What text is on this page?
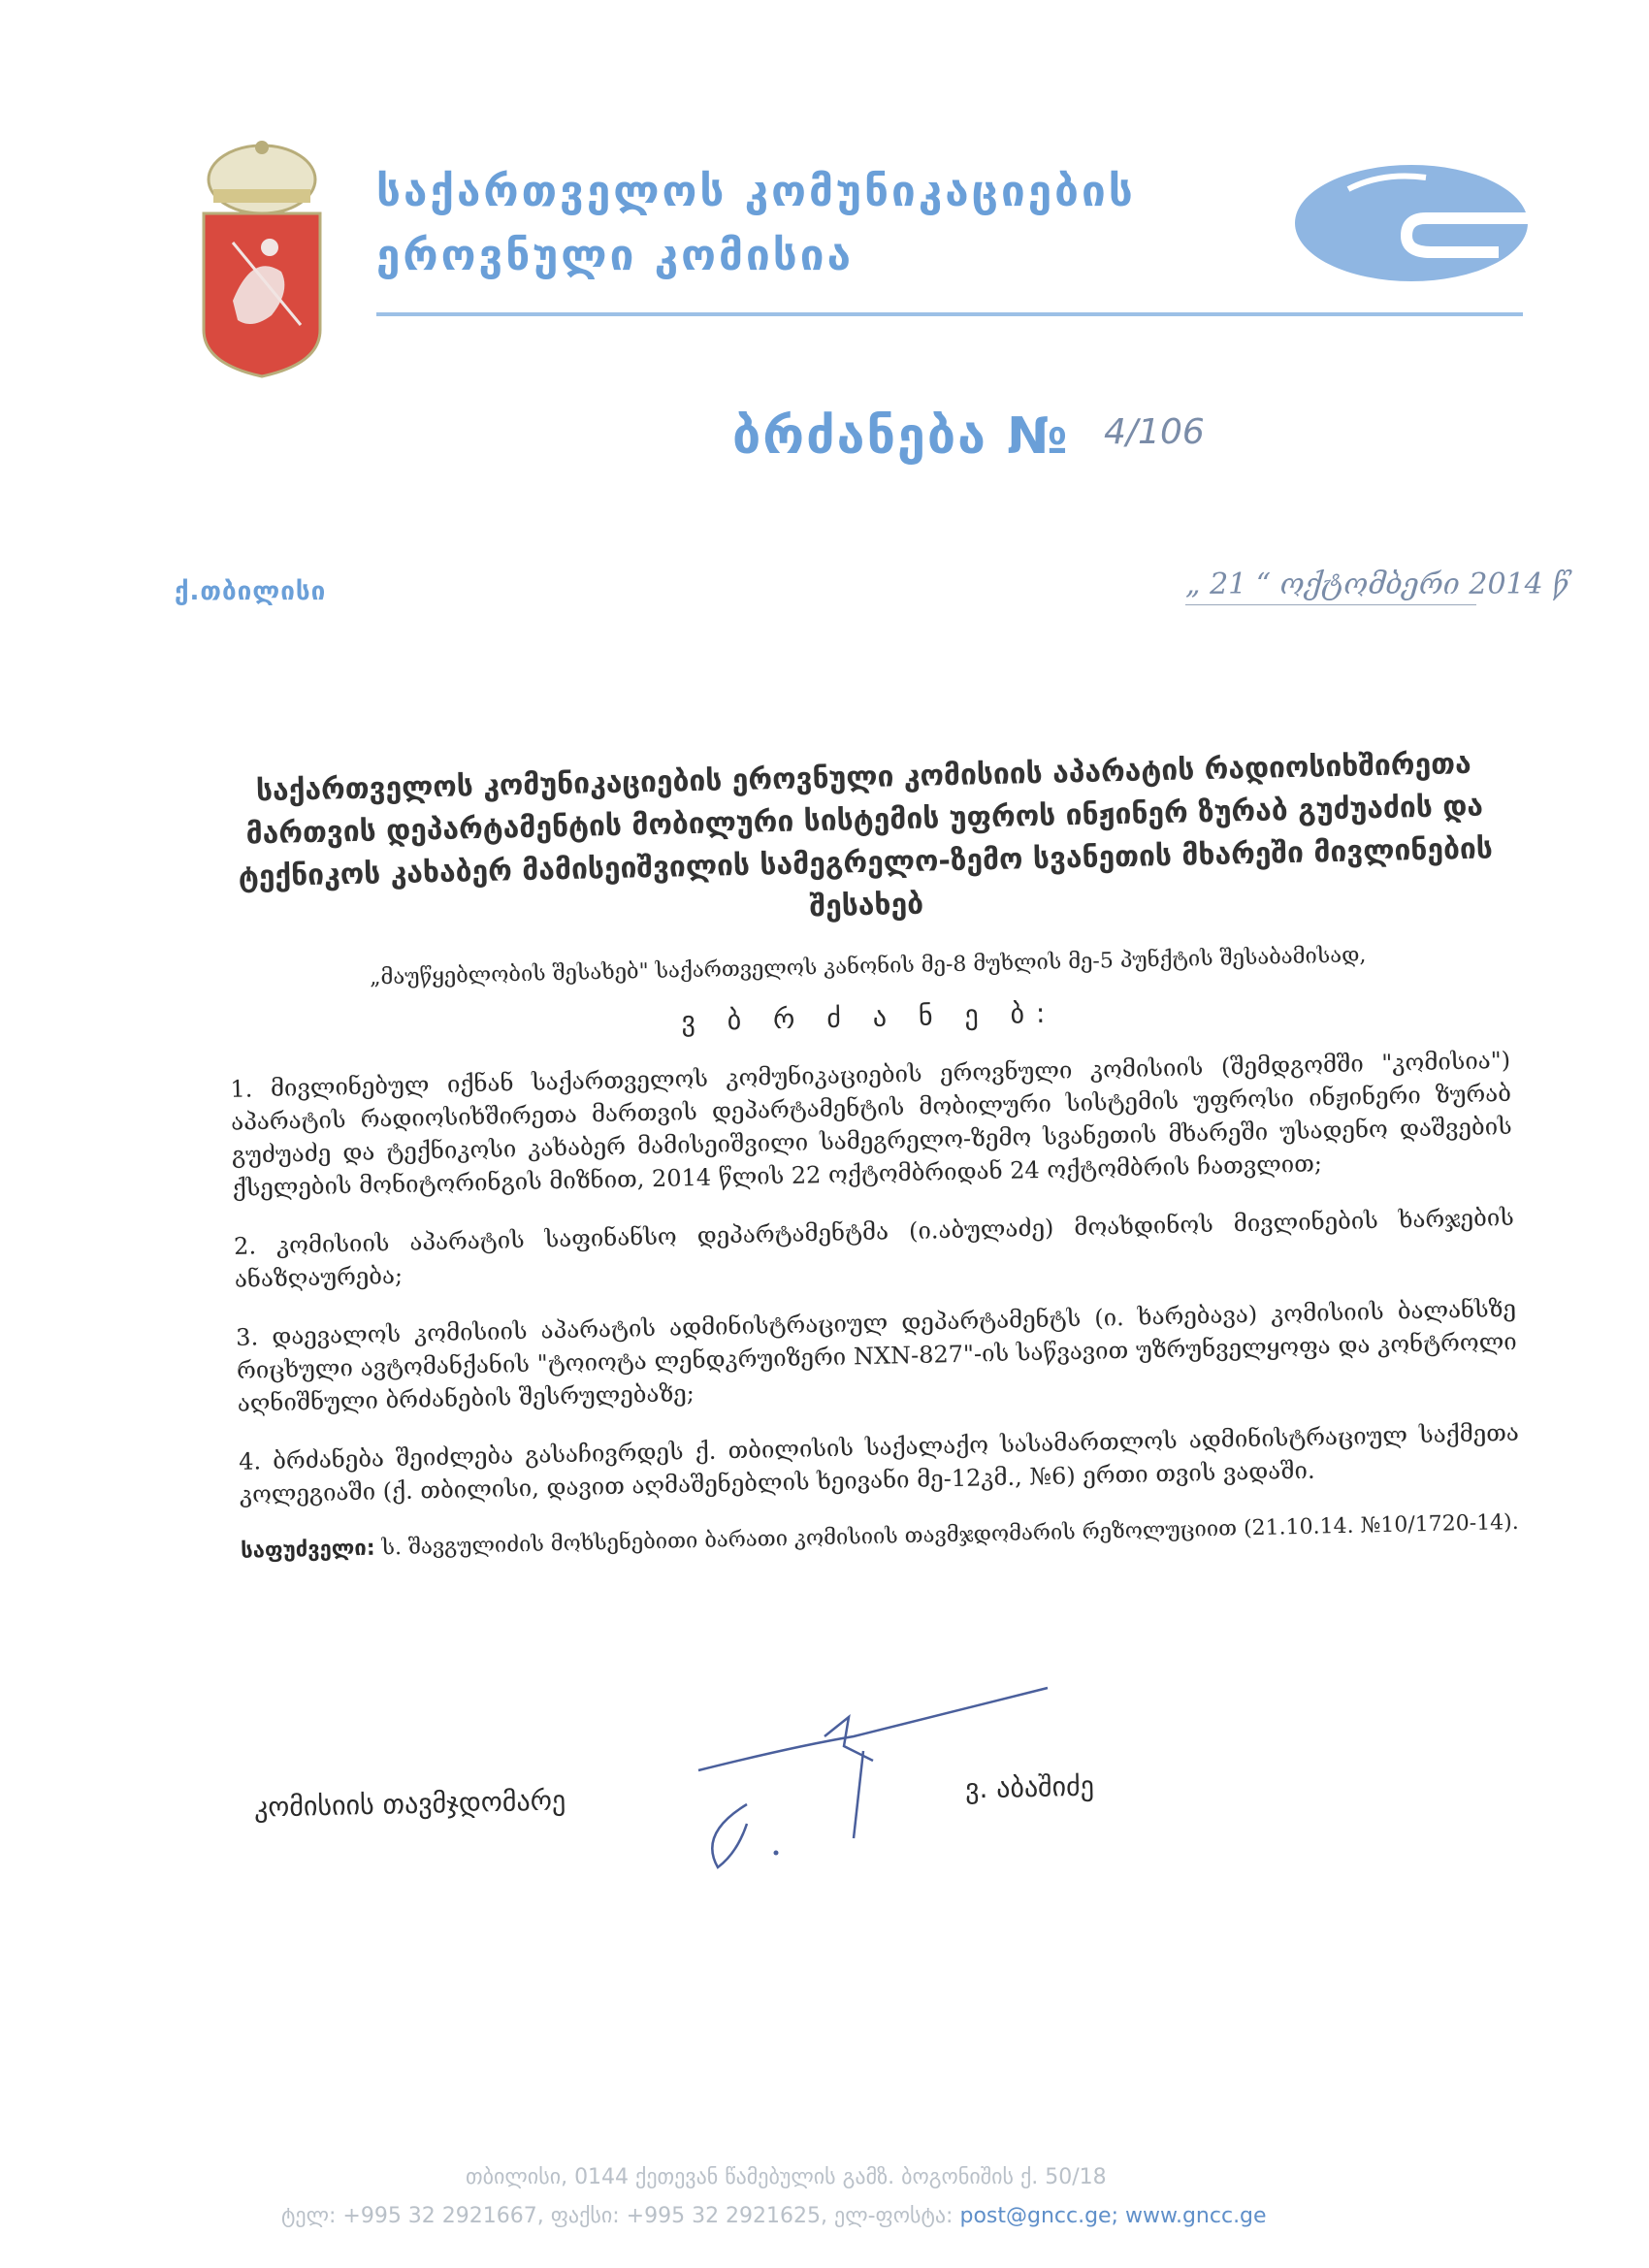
საქართველოს კომუნიკაციების
ეროვნული კომისია
ბრძანება № 4/106
ქ.თბილისი	„ 21 “ ოქტომბერი 2014 წ
საქართველოს კომუნიკაციების ეროვნული კომისიის აპარატის რადიოსიხშირეთა მართვის დეპარტამენტის მობილური სისტემის უფროს ინჟინერ ზურაბ გუძუაძის და ტექნიკოს კახაბერ მამისეიშვილის სამეგრელო-ზემო სვანეთის მხარეში მივლინების შესახებ
„მაუწყებლობის შესახებ" საქართველოს კანონის მე-8 მუხლის მე-5 პუნქტის შესაბამისად,
ვ ბ რ ძ ა ნ ე ბ:
1. მივლინებულ იქნან საქართველოს კომუნიკაციების ეროვნული კომისიის (შემდგომში "კომისია") აპარატის რადიოსიხშირეთა მართვის დეპარტამენტის მობილური სისტემის უფროსი ინჟინერი ზურაბ გუძუაძე და ტექნიკოსი კახაბერ მამისეიშვილი სამეგრელო-ზემო სვანეთის მხარეში უსადენო დაშვების ქსელების მონიტორინგის მიზნით, 2014 წლის 22 ოქტომბრიდან 24 ოქტომბრის ჩათვლით;
2. კომისიის აპარატის საფინანსო დეპარტამენტმა (ი.აბულაძე) მოახდინოს მივლინების ხარჯების ანაზღაურება;
3. დაევალოს კომისიის აპარატის ადმინისტრაციულ დეპარტამენტს (ი. ხარებავა) კომისიის ბალანსზე რიცხული ავტომანქანის "ტოიოტა ლენდკრუიზერი NXN-827"-ის საწვავით უზრუნველყოფა და კონტროლი აღნიშნული ბრძანების შესრულებაზე;
4. ბრძანება შეიძლება გასაჩივრდეს ქ. თბილისის საქალაქო სასამართლოს ადმინისტრაციულ საქმეთა კოლეგიაში (ქ. თბილისი, დავით აღმაშენებლის ხეივანი მე-12კმ., №6) ერთი თვის ვადაში.
საფუძველი: ს. შავგულიძის მოხსენებითი ბარათი კომისიის თავმჯდომარის რეზოლუციით (21.10.14. №10/1720-14).
კომისიის თავმჯდომარე	ვ. აბაშიძე
თბილისი, 0144 ქეთევან წამებულის გამზ. ბოგონიშის ქ. 50/18
ტელ: +995 32 2921667, ფაქსი: +995 32 2921625, ელ-ფოსტა: post@gncc.ge; www.gncc.ge
